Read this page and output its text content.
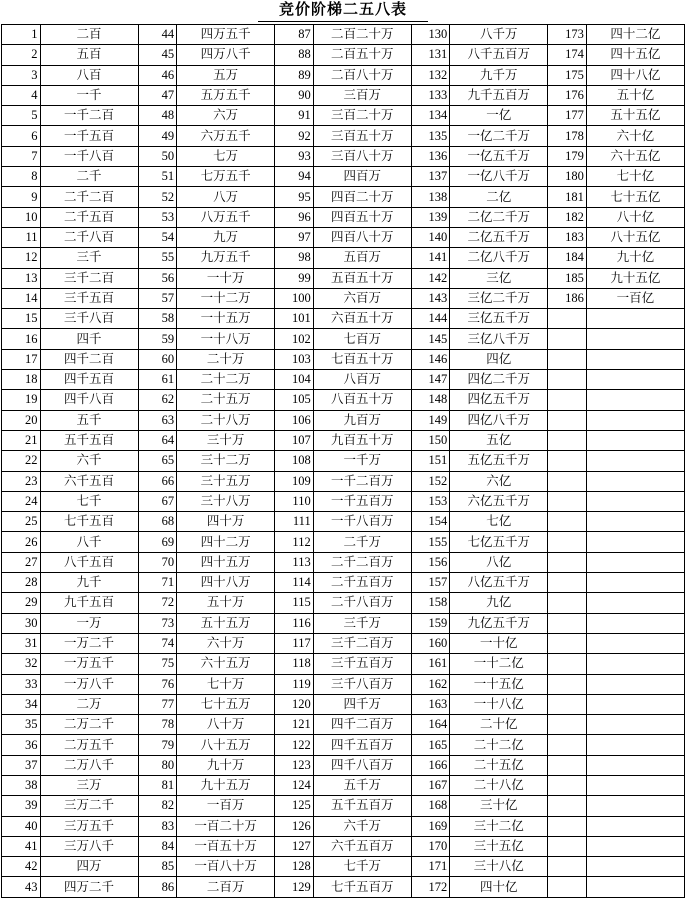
竞价阶梯二五八表
1	二百	44	四万五千	87	二百二十万	130	八千万	173	四十二亿
2	五百	45	四万八千	88	二百五十万	131	八千五百万	174	四十五亿
3	八百	46	五万	89	二百八十万	132	九千万	175	四十八亿
4	一千	47	五万五千	90	三百万	133	九千五百万	176	五十亿
5	一千二百	48	六万	91	三百二十万	134	一亿	177	五十五亿
6	一千五百	49	六万五千	92	三百五十万	135	一亿二千万	178	六十亿
7	一千八百	50	七万	93	三百八十万	136	一亿五千万	179	六十五亿
8	二千	51	七万五千	94	四百万	137	一亿八千万	180	七十亿
9	二千二百	52	八万	95	四百二十万	138	二亿	181	七十五亿
10	二千五百	53	八万五千	96	四百五十万	139	二亿二千万	182	八十亿
11	二千八百	54	九万	97	四百八十万	140	二亿五千万	183	八十五亿
12	三千	55	九万五千	98	五百万	141	二亿八千万	184	九十亿
13	三千二百	56	一十万	99	五百五十万	142	三亿	185	九十五亿
14	三千五百	57	一十二万	100	六百万	143	三亿二千万	186	一百亿
15	三千八百	58	一十五万	101	六百五十万	144	三亿五千万		
16	四千	59	一十八万	102	七百万	145	三亿八千万		
17	四千二百	60	二十万	103	七百五十万	146	四亿		
18	四千五百	61	二十二万	104	八百万	147	四亿二千万		
19	四千八百	62	二十五万	105	八百五十万	148	四亿五千万		
20	五千	63	二十八万	106	九百万	149	四亿八千万		
21	五千五百	64	三十万	107	九百五十万	150	五亿		
22	六千	65	三十二万	108	一千万	151	五亿五千万		
23	六千五百	66	三十五万	109	一千二百万	152	六亿		
24	七千	67	三十八万	110	一千五百万	153	六亿五千万		
25	七千五百	68	四十万	111	一千八百万	154	七亿		
26	八千	69	四十二万	112	二千万	155	七亿五千万		
27	八千五百	70	四十五万	113	二千二百万	156	八亿		
28	九千	71	四十八万	114	二千五百万	157	八亿五千万		
29	九千五百	72	五十万	115	二千八百万	158	九亿		
30	一万	73	五十五万	116	三千万	159	九亿五千万		
31	一万二千	74	六十万	117	三千二百万	160	一十亿		
32	一万五千	75	六十五万	118	三千五百万	161	一十二亿		
33	一万八千	76	七十万	119	三千八百万	162	一十五亿		
34	二万	77	七十五万	120	四千万	163	一十八亿		
35	二万二千	78	八十万	121	四千二百万	164	二十亿		
36	二万五千	79	八十五万	122	四千五百万	165	二十二亿		
37	二万八千	80	九十万	123	四千八百万	166	二十五亿		
38	三万	81	九十五万	124	五千万	167	二十八亿		
39	三万二千	82	一百万	125	五千五百万	168	三十亿		
40	三万五千	83	一百二十万	126	六千万	169	三十二亿		
41	三万八千	84	一百五十万	127	六千五百万	170	三十五亿		
42	四万	85	一百八十万	128	七千万	171	三十八亿		
43	四万二千	86	二百万	129	七千五百万	172	四十亿		
